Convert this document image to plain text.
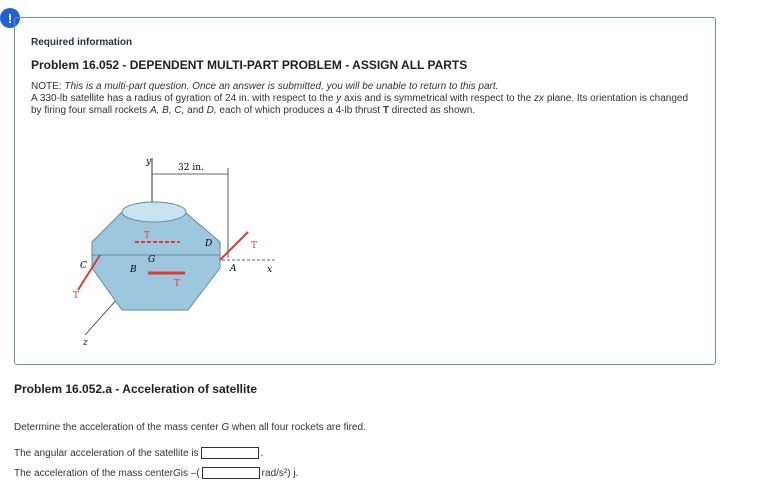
!
Required information
Problem 16.052 - DEPENDENT MULTI-PART PROBLEM - ASSIGN ALL PARTS
NOTE: This is a multi-part question. Once an answer is submitted, you will be unable to return to this part.
A 330-lb satellite has a radius of gyration of 24 in. with respect to the y axis and is symmetrical with respect to the zx plane. Its orientation is changed by firing four small rockets A, B, C, and D, each of which produces a 4-lb thrust T directed as shown.
y
32 in.
x
z
C
D
B
G
A
T
T
T
T
Problem 16.052.a - Acceleration of satellite
Determine the acceleration of the mass center G when all four rockets are fired.
The angular acceleration of the satellite is	.
The acceleration of the mass center G is –(	rad/s²) j.
